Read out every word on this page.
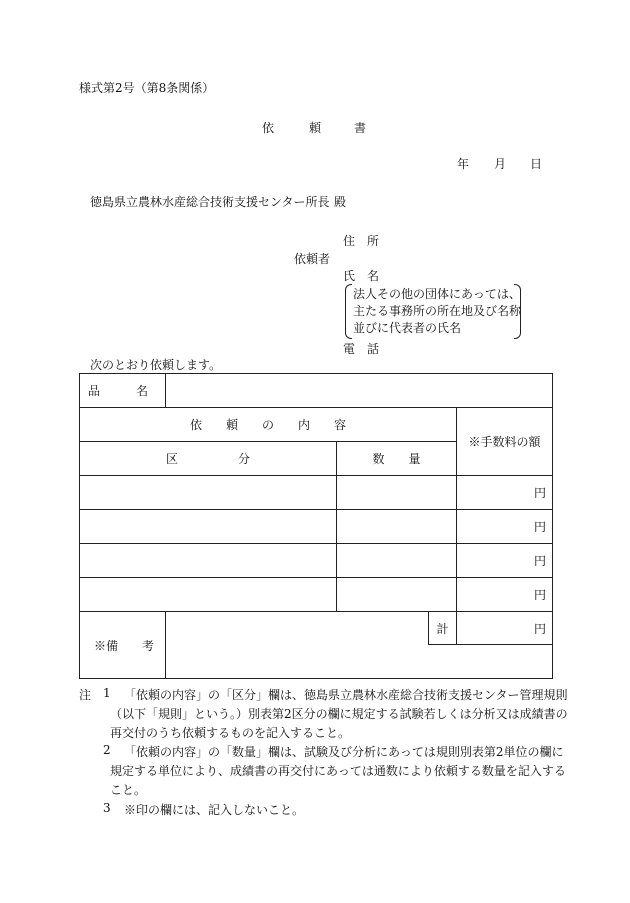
様式第2号（第8条関係）
依	頼	書
年 月 日
徳島県立農林水産総合技術支援センター所長 殿
住　所
依頼者
氏　名
法人その他の団体にあっては、
主たる事務所の所在地及び名称
並びに代表者の氏名
電　話
次のとおり依頼します。
品　　　名				
依　　頼　　の　　内　　容				※手数料の額
区　　　　　分		数　　量		
				円
				円
				円
				円
※備　　考			計	円

注 1 「依頼の内容」の「区分」欄は、徳島県立農林水産総合技術支援センター管理規則
（以下「規則」という。）別表第2区分の欄に規定する試験若しくは分析又は成績書の
再交付のうち依頼するものを記入すること。
2 「依頼の内容」の「数量」欄は、試験及び分析にあっては規則別表第2単位の欄に
規定する単位により、成績書の再交付にあっては通数により依頼する数量を記入する
こと。
3 ※印の欄には、記入しないこと。
